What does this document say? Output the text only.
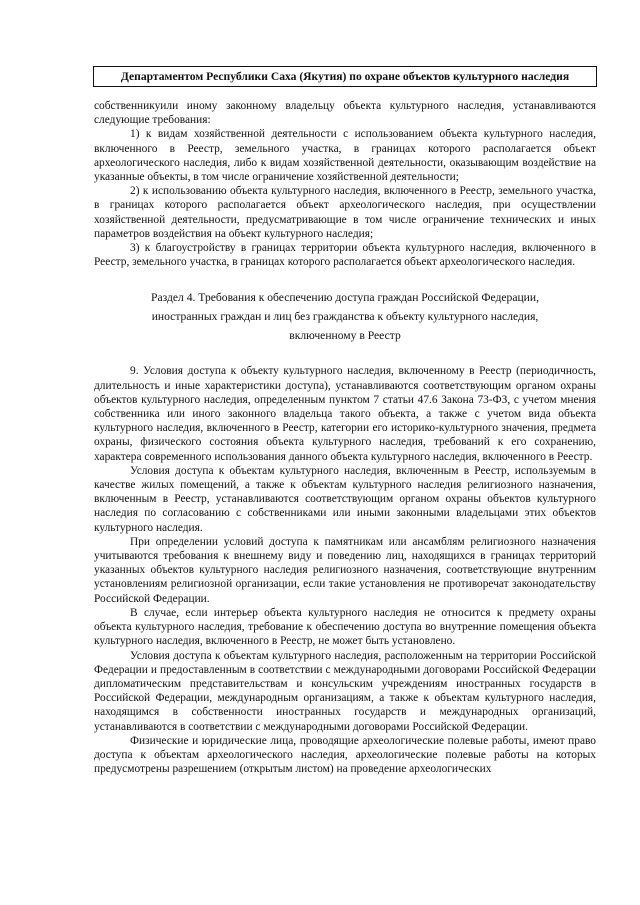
Департаментом Республики Саха (Якутия) по охране объектов культурного наследия

собственникуили иному законному владельцу объекта культурного наследия, устанавливаются следующие требования:

1) к видам хозяйственной деятельности с использованием объекта культурного наследия, включенного в Реестр, земельного участка, в границах которого располагается объект археологического наследия, либо к видам хозяйственной деятельности, оказывающим воздействие на указанные объекты, в том числе ограничение хозяйственной деятельности;

2) к использованию объекта культурного наследия, включенного в Реестр, земельного участка, в границах которого располагается объект археологического наследия, при осуществлении хозяйственной деятельности, предусматривающие в том числе ограничение технических и иных параметров воздействия на объект культурного наследия;

3) к благоустройству в границах территории объекта культурного наследия, включенного в Реестр, земельного участка, в границах которого располагается объект археологического наследия.

Раздел 4. Требования к обеспечению доступа граждан Российской Федерации,
иностранных граждан и лиц без гражданства к объекту культурного наследия,
включенному в Реестр

9. Условия доступа к объекту культурного наследия, включенному в Реестр (периодичность, длительность и иные характеристики доступа), устанавливаются соответствующим органом охраны объектов культурного наследия, определенным пунктом 7 статьи 47.6 Закона 73-ФЗ, с учетом мнения собственника или иного законного владельца такого объекта, а также с учетом вида объекта культурного наследия, включенного в Реестр, категории его историко-культурного значения, предмета охраны, физического состояния объекта культурного наследия, требований к его сохранению, характера современного использования данного объекта культурного наследия, включенного в Реестр.

Условия доступа к объектам культурного наследия, включенным в Реестр, используемым в качестве жилых помещений, а также к объектам культурного наследия религиозного назначения, включенным в Реестр, устанавливаются соответствующим органом охраны объектов культурного наследия по согласованию с собственниками или иными законными владельцами этих объектов культурного наследия.

При определении условий доступа к памятникам или ансамблям религиозного назначения учитываются требования к внешнему виду и поведению лиц, находящихся в границах территорий указанных объектов культурного наследия религиозного назначения, соответствующие внутренним установлениям религиозной организации, если такие установления не противоречат законодательству Российской Федерации.

В случае, если интерьер объекта культурного наследия не относится к предмету охраны объекта культурного наследия, требование к обеспечению доступа во внутренние помещения объекта культурного наследия, включенного в Реестр, не может быть установлено.

Условия доступа к объектам культурного наследия, расположенным на территории Российской Федерации и предоставленным в соответствии с международными договорами Российской Федерации дипломатическим представительствам и консульским учреждениям иностранных государств в Российской Федерации, международным организациям, а также к объектам культурного наследия, находящимся в собственности иностранных государств и международных организаций, устанавливаются в соответствии с международными договорами Российской Федерации.

Физические и юридические лица, проводящие археологические полевые работы, имеют право доступа к объектам археологического наследия, археологические полевые работы на которых предусмотрены разрешением (открытым листом) на проведение археологических
